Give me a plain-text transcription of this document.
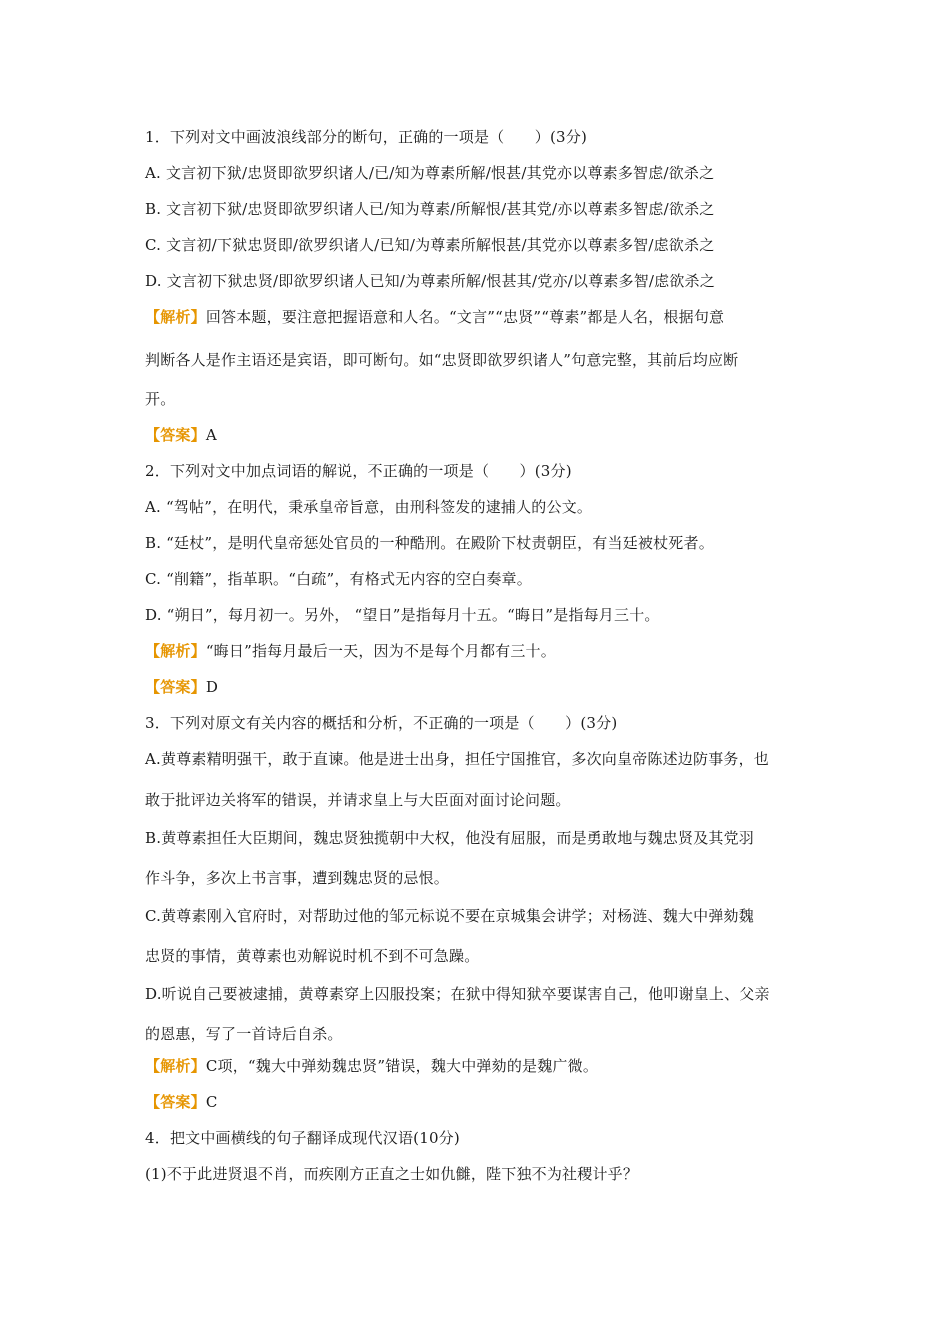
1．下列对文中画波浪线部分的断句，正确的一项是（　　）(3分)
A. 文言初下狱/忠贤即欲罗织诸人/已/知为尊素所解/恨甚/其党亦以尊素多智虑/欲杀之
B. 文言初下狱/忠贤即欲罗织诸人已/知为尊素/所解恨/甚其党/亦以尊素多智虑/欲杀之
C. 文言初/下狱忠贤即/欲罗织诸人/已知/为尊素所解恨甚/其党亦以尊素多智/虑欲杀之
D. 文言初下狱忠贤/即欲罗织诸人已知/为尊素所解/恨甚其/党亦/以尊素多智/虑欲杀之
【解析】回答本题，要注意把握语意和人名。“文言”“忠贤”“尊素”都是人名，根据句意
判断各人是作主语还是宾语，即可断句。如“忠贤即欲罗织诸人”句意完整，其前后均应断
开。
【答案】A
2．下列对文中加点词语的解说，不正确的一项是（　　）(3分)
A. “驾帖”，在明代，秉承皇帝旨意，由刑科签发的逮捕人的公文。
B. “廷杖”，是明代皇帝惩处官员的一种酷刑。在殿阶下杖责朝臣，有当廷被杖死者。
C. “削籍”，指革职。“白疏”，有格式无内容的空白奏章。
D. “朔日”，每月初一。另外， “望日”是指每月十五。“晦日”是指每月三十。
【解析】“晦日”指每月最后一天，因为不是每个月都有三十。
【答案】D
3．下列对原文有关内容的概括和分析，不正确的一项是（　　）(3分)
A.黄尊素精明强干，敢于直谏。他是进士出身，担任宁国推官，多次向皇帝陈述边防事务，也
敢于批评边关将军的错误，并请求皇上与大臣面对面讨论问题。
B.黄尊素担任大臣期间，魏忠贤独揽朝中大权，他没有屈服，而是勇敢地与魏忠贤及其党羽
作斗争，多次上书言事，遭到魏忠贤的忌恨。
C.黄尊素刚入官府时，对帮助过他的邹元标说不要在京城集会讲学；对杨涟、魏大中弹劾魏
忠贤的事情，黄尊素也劝解说时机不到不可急躁。
D.听说自己要被逮捕，黄尊素穿上囚服投案；在狱中得知狱卒要谋害自己，他叩谢皇上、父亲
的恩惠，写了一首诗后自杀。
【解析】C项，“魏大中弹劾魏忠贤”错误，魏大中弹劾的是魏广微。
【答案】C
4．把文中画横线的句子翻译成现代汉语(10分)
(1)不于此进贤退不肖，而疾刚方正直之士如仇雠，陛下独不为社稷计乎？
